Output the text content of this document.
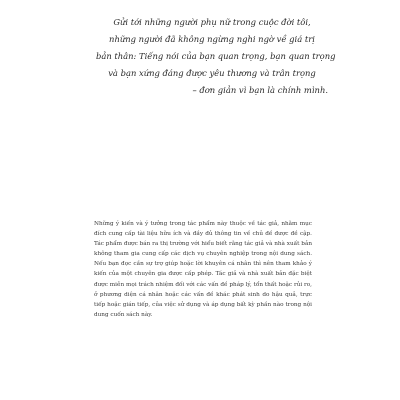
Gửi tới những người phụ nữ trong cuộc đời tôi,
những người đã không ngừng nghi ngờ về giá trị
bản thân: Tiếng nói của bạn quan trọng, bạn quan trọng
và bạn xứng đáng được yêu thương và trân trọng
– đơn giản vì bạn là chính mình.

Những ý kiến và ý tưởng trong tác phẩm này thuộc về tác giả, nhằm mục đích cung cấp tài liệu hữu ích và đầy đủ thông tin về chủ đề được đề cập. Tác phẩm được bán ra thị trường với hiểu biết rằng tác giả và nhà xuất bản không tham gia cung cấp các dịch vụ chuyên nghiệp trong nội dung sách. Nếu bạn đọc cần sự trợ giúp hoặc lời khuyên cá nhân thì nên tham khảo ý kiến của một chuyên gia được cấp phép. Tác giả và nhà xuất bản đặc biệt được miễn mọi trách nhiệm đối với các vấn đề pháp lý, tổn thất hoặc rủi ro, ở phương diện cá nhân hoặc các vấn đề khác phát sinh do hậu quả, trực tiếp hoặc gián tiếp, của việc sử dụng và áp dụng bất kỳ phần nào trong nội dung cuốn sách này.
